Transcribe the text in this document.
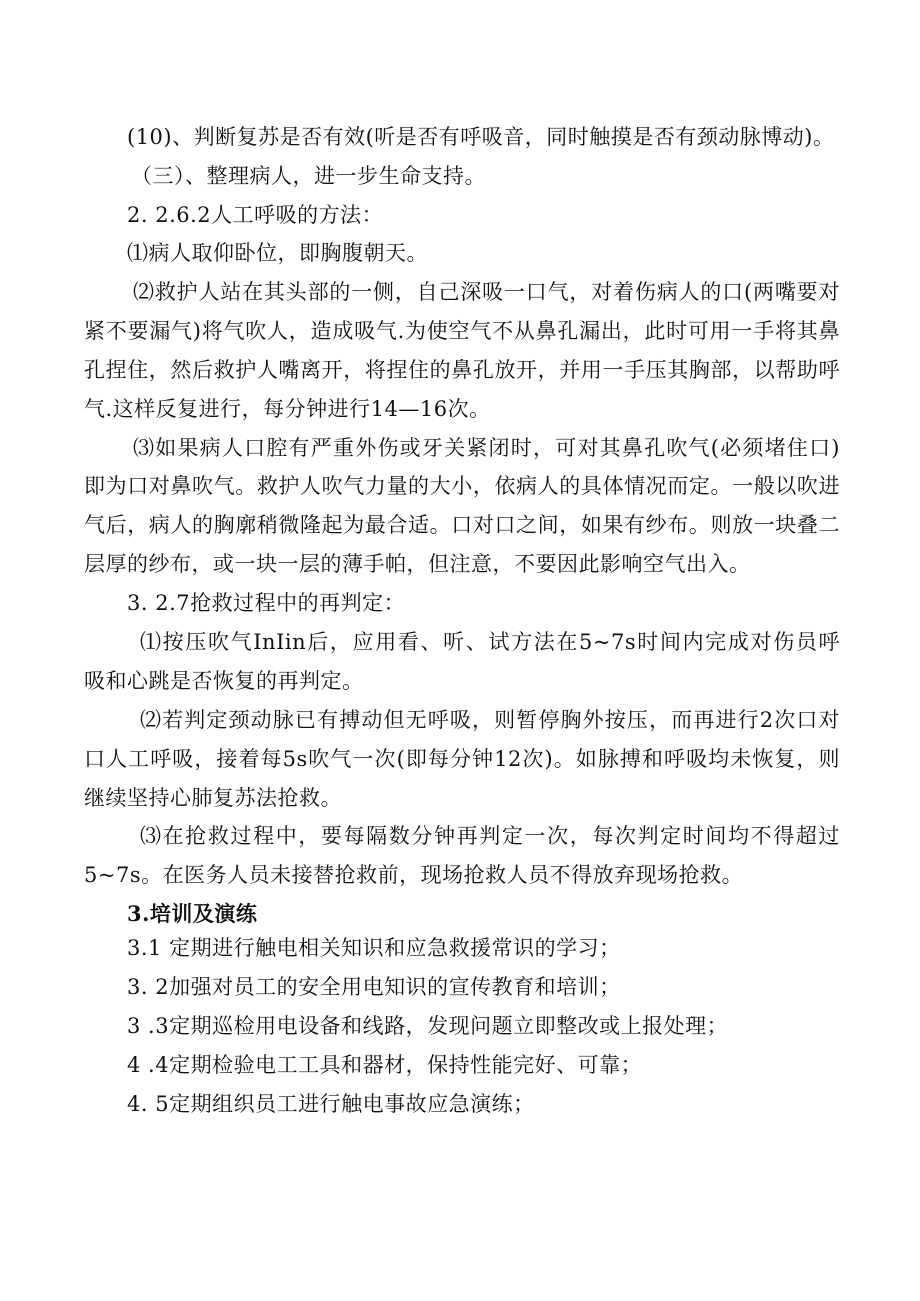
(10)、判断复苏是否有效(听是否有呼吸音，同时触摸是否有颈动脉博动)。
（三）、整理病人，进一步生命支持。
2. 2.6.2人工呼吸的方法：
⑴病人取仰卧位，即胸腹朝天。
⑵救护人站在其头部的一侧，自己深吸一口气，对着伤病人的口(两嘴要对
紧不要漏气)将气吹人，造成吸气.为使空气不从鼻孔漏出，此时可用一手将其鼻
孔捏住，然后救护人嘴离开，将捏住的鼻孔放开，并用一手压其胸部，以帮助呼
气.这样反复进行，每分钟进行14—16次。
⑶如果病人口腔有严重外伤或牙关紧闭时，可对其鼻孔吹气(必须堵住口)
即为口对鼻吹气。救护人吹气力量的大小，依病人的具体情况而定。一般以吹进
气后，病人的胸廓稍微隆起为最合适。口对口之间，如果有纱布。则放一块叠二
层厚的纱布，或一块一层的薄手帕，但注意，不要因此影响空气出入。
3. 2.7抢救过程中的再判定：
⑴按压吹气InIin后，应用看、听、试方法在5~7s时间内完成对伤员呼
吸和心跳是否恢复的再判定。
⑵若判定颈动脉已有搏动但无呼吸，则暂停胸外按压，而再进行2次口对
口人工呼吸，接着每5s吹气一次(即每分钟12次)。如脉搏和呼吸均未恢复，则
继续坚持心肺复苏法抢救。
⑶在抢救过程中，要每隔数分钟再判定一次，每次判定时间均不得超过
5~7s。在医务人员未接替抢救前，现场抢救人员不得放弃现场抢救。
3.培训及演练
3.1 定期进行触电相关知识和应急救援常识的学习；
3. 2加强对员工的安全用电知识的宣传教育和培训；
3 .3定期巡检用电设备和线路，发现问题立即整改或上报处理；
4 .4定期检验电工工具和器材，保持性能完好、可靠；
4. 5定期组织员工进行触电事故应急演练；
